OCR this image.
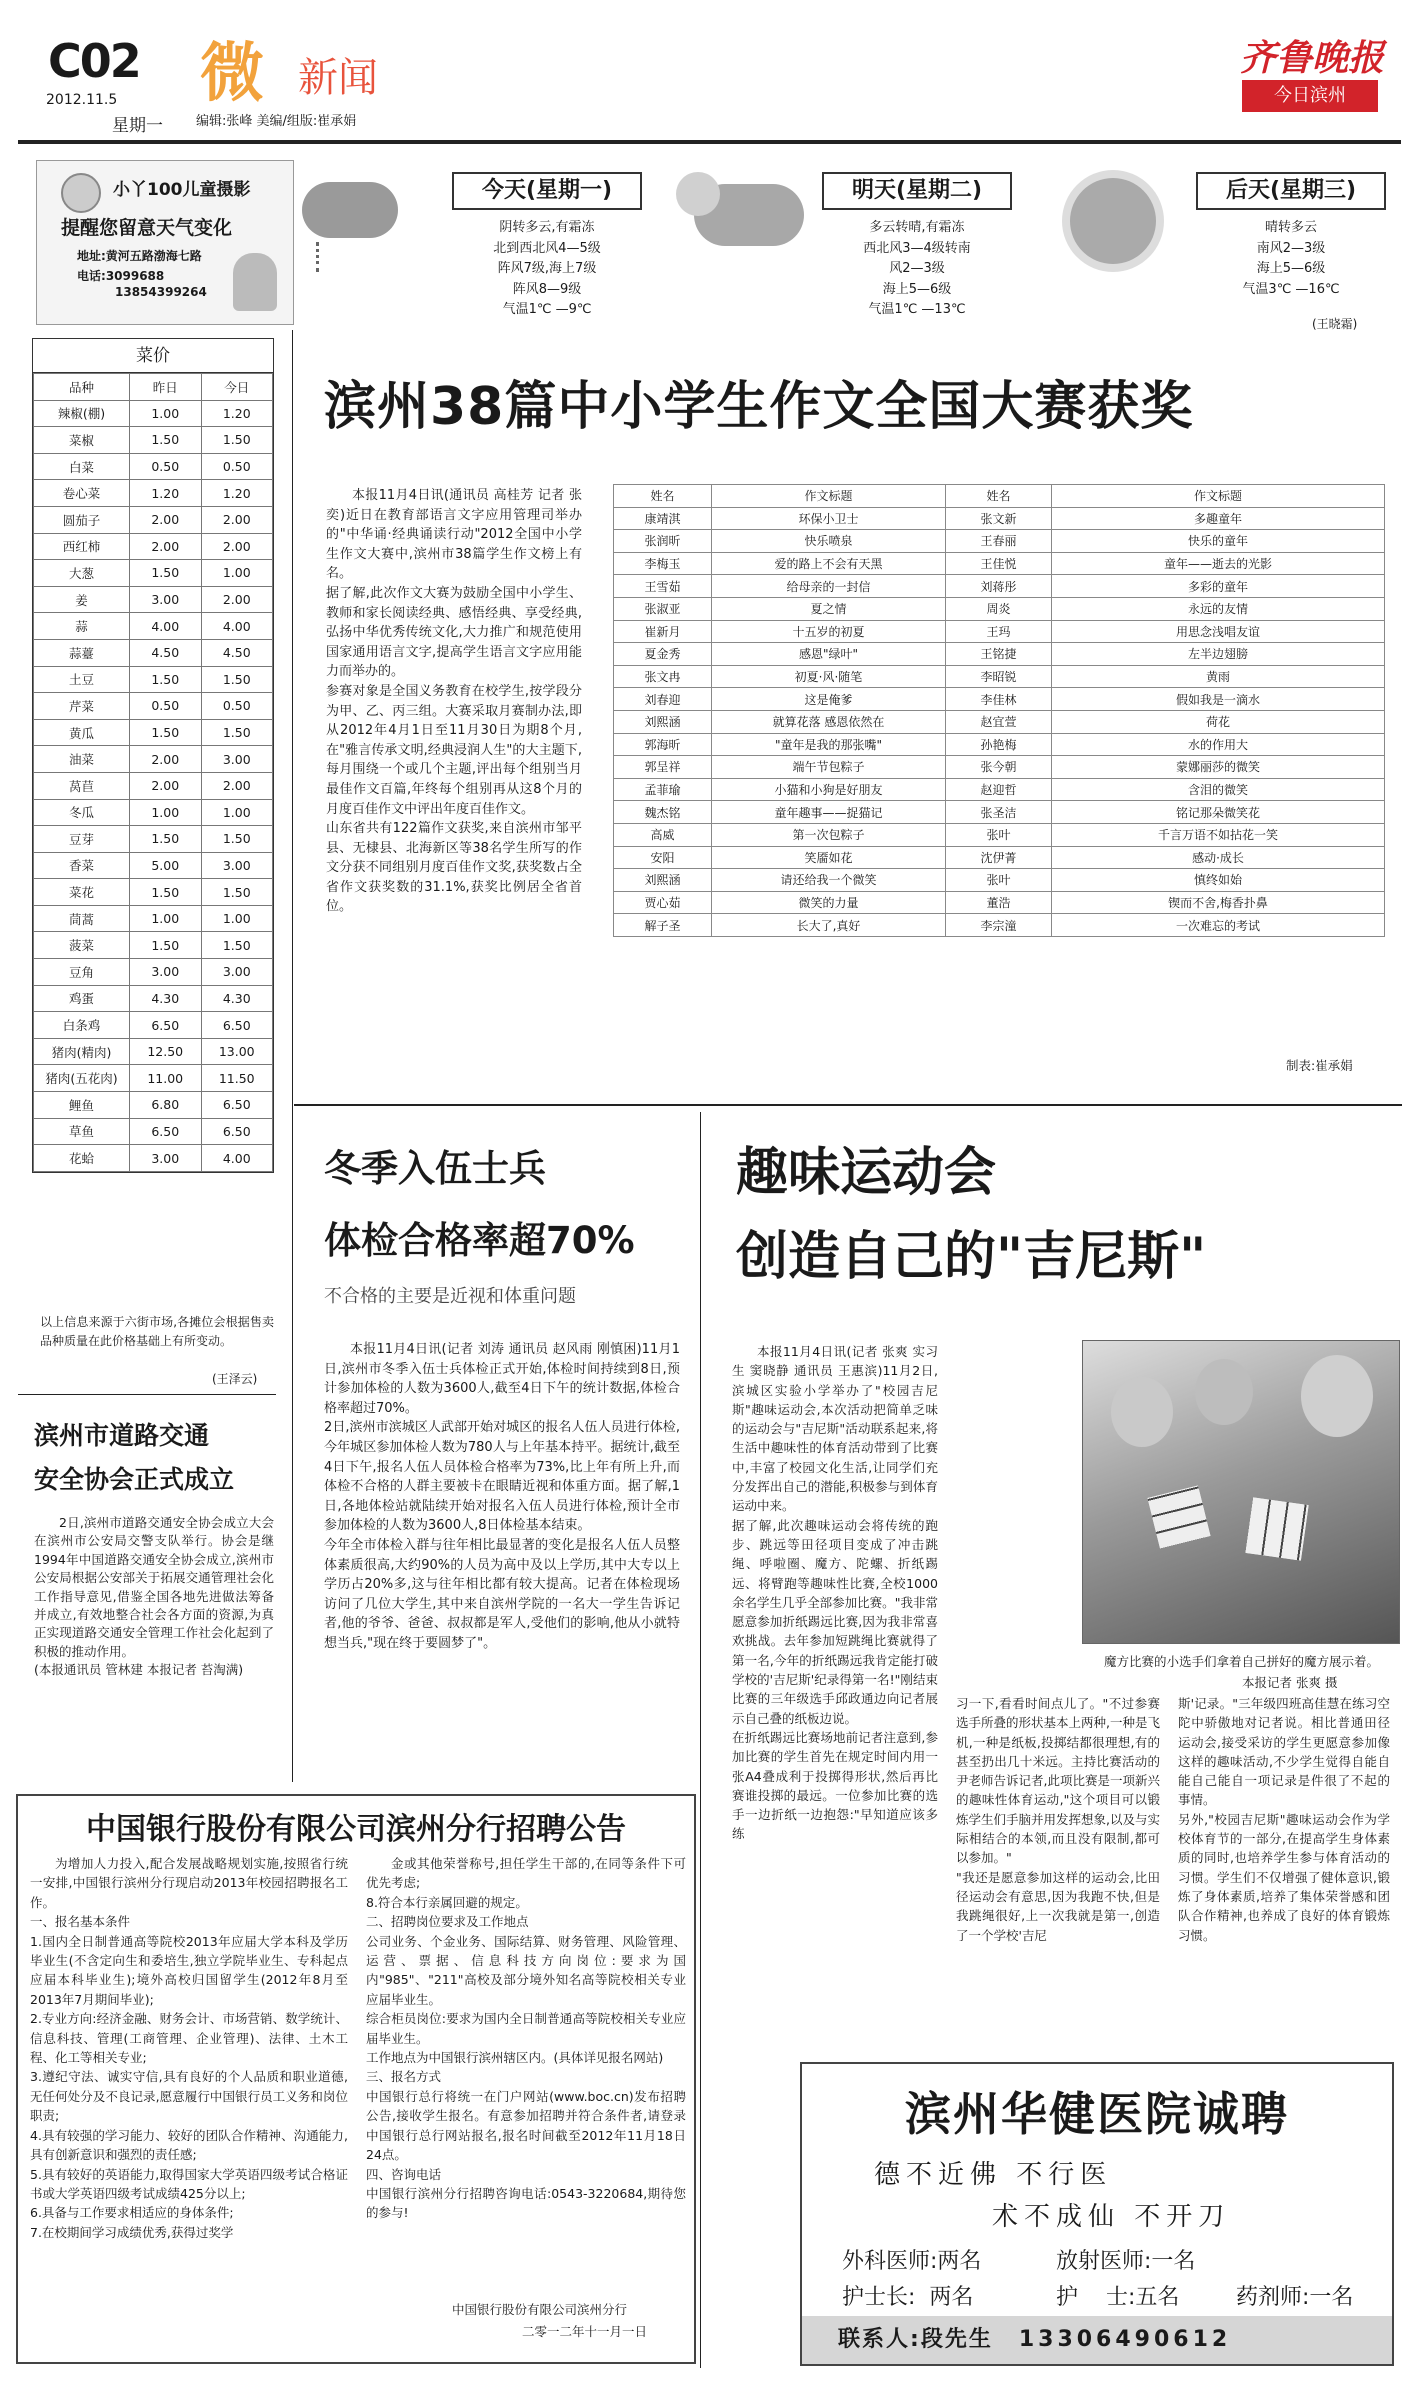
C02
2012.11.5
星期一
微 新闻
编辑:张峰 美编/组版:崔承娟
齐鲁晚报
今日滨州
小丫100儿童摄影
提醒您留意天气变化
地址:黄河五路渤海七路
电话:3099688
13854399264
今天(星期一)
阴转多云,有霜冻
北到西北风4—5级
阵风7级,海上7级
阵风8—9级
气温1℃ —9℃
明天(星期二)
多云转晴,有霜冻
西北风3—4级转南
风2—3级
海上5—6级
气温1℃ —13℃
后天(星期三)
晴转多云
南风2—3级
海上5—6级
气温3℃ —16℃
(王晓霜)
菜价
品种	昨日	今日
辣椒(棚)	1.00	1.20
菜椒	1.50	1.50
白菜	0.50	0.50
卷心菜	1.20	1.20
圆茄子	2.00	2.00
西红柿	2.00	2.00
大葱	1.50	1.00
姜	3.00	2.00
蒜	4.00	4.00
蒜薹	4.50	4.50
土豆	1.50	1.50
芹菜	0.50	0.50
黄瓜	1.50	1.50
油菜	2.00	3.00
莴苣	2.00	2.00
冬瓜	1.00	1.00
豆芽	1.50	1.50
香菜	5.00	3.00
菜花	1.50	1.50
茼蒿	1.00	1.00
菠菜	1.50	1.50
豆角	3.00	3.00
鸡蛋	4.30	4.30
白条鸡	6.50	6.50
猪肉(精肉)	12.50	13.00
猪肉(五花肉)	11.00	11.50
鲤鱼	6.80	6.50
草鱼	6.50	6.50
花蛤	3.00	4.00
以上信息来源于六街市场,各摊位会根据售卖品种质量在此价格基础上有所变动。
(王泽云)
滨州市道路交通
安全协会正式成立
2日,滨州市道路交通安全协会成立大会在滨州市公安局交警支队举行。协会是继1994年中国道路交通安全协会成立,滨州市公安局根据公安部关于拓展交通管理社会化工作指导意见,借鉴全国各地先进做法筹备并成立,有效地整合社会各方面的资源,为真正实现道路交通安全管理工作社会化起到了积极的推动作用。
(本报通讯员 管林建 本报记者 苔淘满)
滨州38篇中小学生作文全国大赛获奖
本报11月4日讯(通讯员 高桂芳 记者 张奕)近日在教育部语言文字应用管理司举办的"中华诵·经典诵读行动"2012全国中小学生作文大赛中,滨州市38篇学生作文榜上有名。
据了解,此次作文大赛为鼓励全国中小学生、教师和家长阅读经典、感悟经典、享受经典,弘扬中华优秀传统文化,大力推广和规范使用国家通用语言文字,提高学生语言文字应用能力而举办的。
参赛对象是全国义务教育在校学生,按学段分为甲、乙、丙三组。大赛采取月赛制办法,即从2012年4月1日至11月30日为期8个月,在"雅言传承文明,经典浸润人生"的大主题下,每月围绕一个或几个主题,评出每个组别当月最佳作文百篇,年终每个组别再从这8个月的月度百佳作文中评出年度百佳作文。
山东省共有122篇作文获奖,来自滨州市邹平县、无棣县、北海新区等38名学生所写的作文分获不同组别月度百佳作文奖,获奖数占全省作文获奖数的31.1%,获奖比例居全省首位。
姓名	作文标题	姓名	作文标题
康靖淇	环保小卫士	张文新	多趣童年
张润昕	快乐喷泉	王春丽	快乐的童年
李梅玉	爱的路上不会有天黑	王佳悦	童年——逝去的光影
王雪茹	给母亲的一封信	刘蒋彤	多彩的童年
张淑亚	夏之情	周炎	永远的友情
崔新月	十五岁的初夏	王玛	用思念浅唱友谊
夏金秀	感恩"绿叶"	王铭捷	左半边翅膀
张文冉	初夏·风·随笔	李昭锐	黄雨
刘春迎	这是俺爹	李佳林	假如我是一滴水
刘熙涵	就算花落 感恩依然在	赵宜萱	荷花
郭海昕	"童年是我的那张嘴"	孙艳梅	水的作用大
郭呈祥	端午节包粽子	张今朝	蒙娜丽莎的微笑
孟菲瑜	小猫和小狗是好朋友	赵迎哲	含泪的微笑
魏杰铭	童年趣事——捉猫记	张圣洁	铭记那朵微笑花
高威	第一次包粽子	张叶	千言万语不如拈花一笑
安阳	笑靥如花	沈伊菁	感动·成长
刘熙涵	请还给我一个微笑	张叶	慎终如始
贾心茹	微笑的力量	董浩	锲而不舍,梅香扑鼻
解子圣	长大了,真好	李宗潼	一次难忘的考试
制表:崔承娟
冬季入伍士兵
体检合格率超70%
不合格的主要是近视和体重问题
本报11月4日讯(记者 刘涛 通讯员 赵风雨 刚慎困)11月1日,滨州市冬季入伍士兵体检正式开始,体检时间持续到8日,预计参加体检的人数为3600人,截至4日下午的统计数据,体检合格率超过70%。
2日,滨州市滨城区人武部开始对城区的报名人伍人员进行体检,今年城区参加体检人数为780人与上年基本持平。据统计,截至4日下午,报名人伍人员体检合格率为73%,比上年有所上升,而体检不合格的人群主要被卡在眼睛近视和体重方面。据了解,1日,各地体检站就陆续开始对报名入伍人员进行体检,预计全市参加体检的人数为3600人,8日体检基本结束。
今年全市体检入群与往年相比最显著的变化是报名人伍人员整体素质很高,大约90%的人员为高中及以上学历,其中大专以上学历占20%多,这与往年相比都有较大提高。记者在体检现场访问了几位大学生,其中来自滨州学院的一名大一学生告诉记者,他的爷爷、爸爸、叔叔都是军人,受他们的影响,他从小就特想当兵,"现在终于要圆梦了"。
趣味运动会
创造自己的"吉尼斯"
魔方比赛的小选手们拿着自己拼好的魔方展示着。
本报记者 张爽 摄
本报11月4日讯(记者 张爽 实习生 窦晓静 通讯员 王惠滨)11月2日,滨城区实验小学举办了"校园吉尼斯"趣味运动会,本次活动把简单乏味的运动会与"吉尼斯"活动联系起来,将生活中趣味性的体育活动带到了比赛中,丰富了校园文化生活,让同学们充分发挥出自己的潜能,积极参与到体育运动中来。
据了解,此次趣味运动会将传统的跑步、跳远等田径项目变成了冲击跳绳、呼啦圈、魔方、陀螺、折纸踢远、将臂跑等趣味性比赛,全校1000余名学生几乎全部参加比赛。"我非常愿意参加折纸踢远比赛,因为我非常喜欢挑战。去年参加短跳绳比赛就得了第一名,今年的折纸踢远我肯定能打破学校的'吉尼斯'纪录得第一名!"刚结束比赛的三年级选手邱政通边向记者展示自己叠的纸板边说。
在折纸踢远比赛场地前记者注意到,参加比赛的学生首先在规定时间内用一张A4叠成利于投掷得形状,然后再比赛谁投掷的最远。一位参加比赛的选手一边折纸一边抱怨:"早知道应该多练
习一下,看看时间点儿了。"不过参赛选手所叠的形状基本上两种,一种是飞机,一种是纸板,投掷结都很理想,有的甚至扔出几十米远。主持比赛活动的尹老师告诉记者,此项比赛是一项新兴的趣味性体育运动,"这个项目可以锻炼学生们手脑并用发挥想象,以及与实际相结合的本领,而且没有限制,都可以参加。"
"我还是愿意参加这样的运动会,比田径运动会有意思,因为我跑不快,但是我跳绳很好,上一次我就是第一,创造了一个学校'吉尼
斯'记录。"三年级四班高佳慧在练习空陀中骄傲地对记者说。相比普通田径运动会,接受采访的学生更愿意参加像这样的趣味活动,不少学生觉得自能自能自己能自一项记录是件很了不起的事情。
另外,"校园吉尼斯"趣味运动会作为学校体育节的一部分,在提高学生身体素质的同时,也培养学生参与体育活动的习惯。学生们不仅增强了健体意识,锻炼了身体素质,培养了集体荣誉感和团队合作精神,也养成了良好的体育锻炼习惯。
中国银行股份有限公司滨州分行招聘公告
为增加人力投入,配合发展战略规划实施,按照省行统一安排,中国银行滨州分行现启动2013年校园招聘报名工作。
一、报名基本条件
1.国内全日制普通高等院校2013年应届大学本科及学历毕业生(不含定向生和委培生,独立学院毕业生、专科起点应届本科毕业生);境外高校归国留学生(2012年8月至2013年7月期间毕业);
2.专业方向:经济金融、财务会计、市场营销、数学统计、信息科技、管理(工商管理、企业管理)、法律、土木工程、化工等相关专业;
3.遵纪守法、诚实守信,具有良好的个人品质和职业道德,无任何处分及不良记录,愿意履行中国银行员工义务和岗位职责;
4.具有较强的学习能力、较好的团队合作精神、沟通能力,具有创新意识和强烈的责任感;
5.具有较好的英语能力,取得国家大学英语四级考试合格证书或大学英语四级考试成绩425分以上;
6.具备与工作要求相适应的身体条件;
7.在校期间学习成绩优秀,获得过奖学
金或其他荣誉称号,担任学生干部的,在同等条件下可优先考虑;
8.符合本行亲属回避的规定。
二、招聘岗位要求及工作地点
公司业务、个金业务、国际结算、财务管理、风险管理、运营、票据、信息科技方向岗位:要求为国内"985"、"211"高校及部分境外知名高等院校相关专业应届毕业生。
综合柜员岗位:要求为国内全日制普通高等院校相关专业应届毕业生。
工作地点为中国银行滨州辖区内。(具体详见报名网站)
三、报名方式
中国银行总行将统一在门户网站(www.boc.cn)发布招聘公告,接收学生报名。有意参加招聘并符合条件者,请登录中国银行总行网站报名,报名时间截至2012年11月18日24点。
四、咨询电话
中国银行滨州分行招聘咨询电话:0543-3220684,期待您的参与!
中国银行股份有限公司滨州分行
二零一二年十一月一日
滨州华健医院诚聘
德不近佛 不行医
术不成仙 不开刀
外科医师:两名	放射医师:一名
护士长:  两名	护    士:五名	药剂师:一名
联系人:段先生 13306490612
